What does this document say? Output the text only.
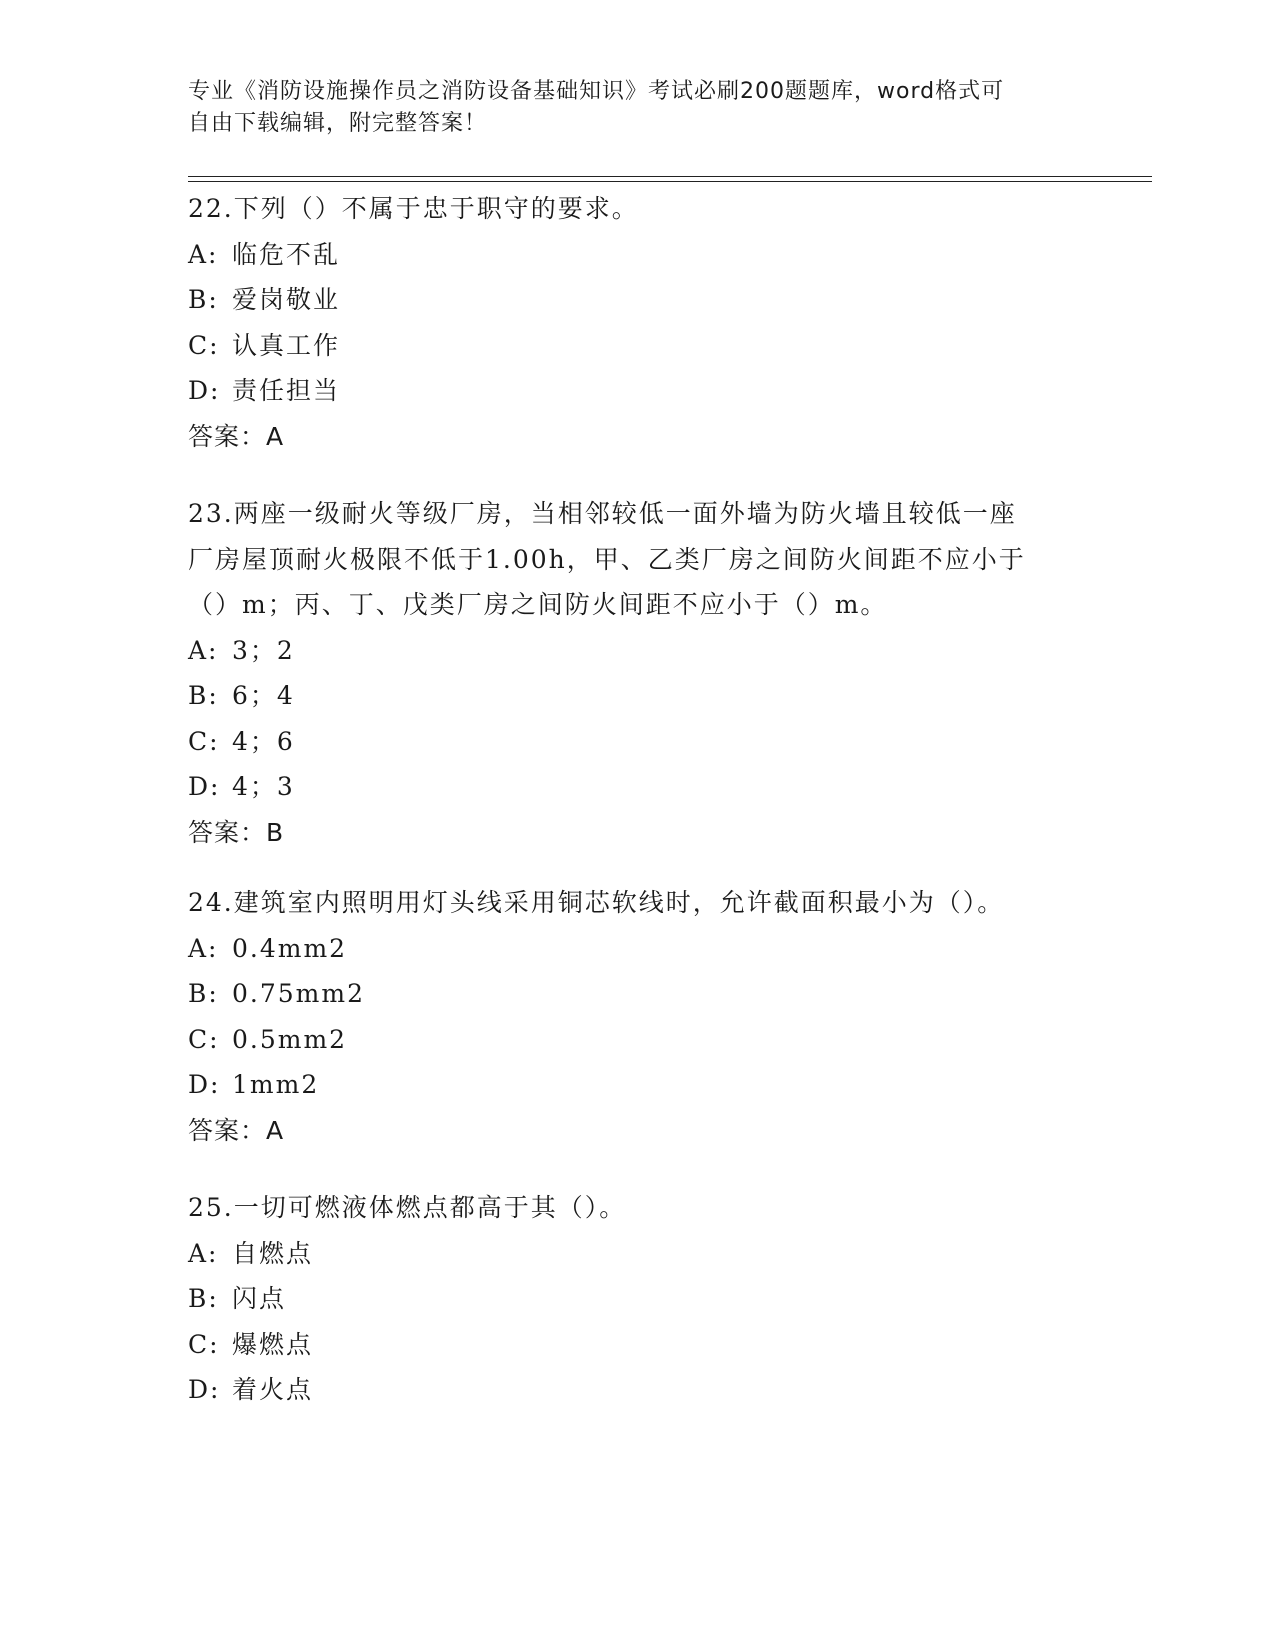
专业《消防设施操作员之消防设备基础知识》考试必刷200题题库，word格式可
自由下载编辑，附完整答案！
22.下列（）不属于忠于职守的要求。
A: 临危不乱
B: 爱岗敬业
C: 认真工作
D: 责任担当
答案：A
23.两座一级耐火等级厂房，当相邻较低一面外墙为防火墙且较低一座
厂房屋顶耐火极限不低于1.00h，甲、乙类厂房之间防火间距不应小于
（）m；丙、丁、戊类厂房之间防火间距不应小于（）m。
A: 3；2
B: 6；4
C: 4；6
D: 4；3
答案：B
24.建筑室内照明用灯头线采用铜芯软线时，允许截面积最小为（）。
A: 0.4mm2
B: 0.75mm2
C: 0.5mm2
D: 1mm2
答案：A
25.一切可燃液体燃点都高于其（）。
A: 自燃点
B: 闪点
C: 爆燃点
D: 着火点
